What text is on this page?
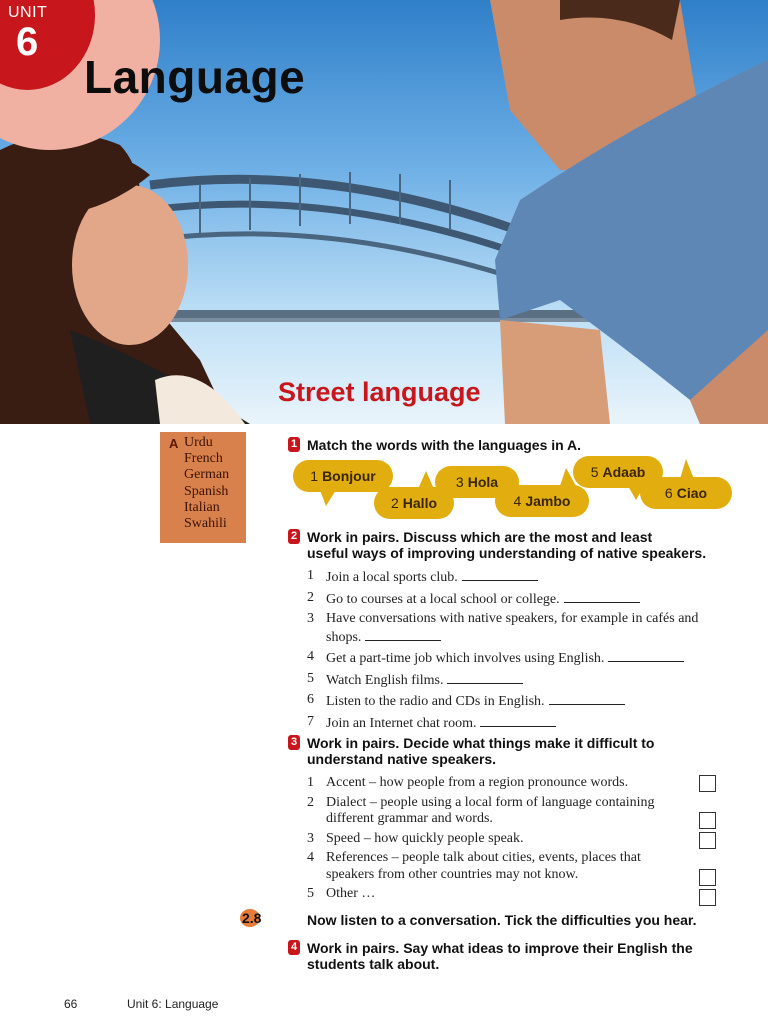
UNIT
6
Language
Street language
A Urdu
French
German
Spanish
Italian
Swahili
1 Match the words with the languages in A.
1 Bonjour
2 Hallo
3 Hola
4 Jambo
5 Adaab
6 Ciao
2 Work in pairs. Discuss which are the most and least
useful ways of improving understanding of native speakers.
1 Join a local sports club.
2 Go to courses at a local school or college.
3 Have conversations with native speakers, for example in cafés and
shops.
4 Get a part-time job which involves using English.
5 Watch English films.
6 Listen to the radio and CDs in English.
7 Join an Internet chat room.
3 Work in pairs. Decide what things make it difficult to
understand native speakers.
1 Accent – how people from a region pronounce words.
2 Dialect – people using a local form of language containing
different grammar and words.
3 Speed – how quickly people speak.
4 References – people talk about cities, events, places that
speakers from other countries may not know.
5 Other …
2.8	Now listen to a conversation. Tick the difficulties you hear.
4 Work in pairs. Say what ideas to improve their English the
students talk about.
66	Unit 6: Language
